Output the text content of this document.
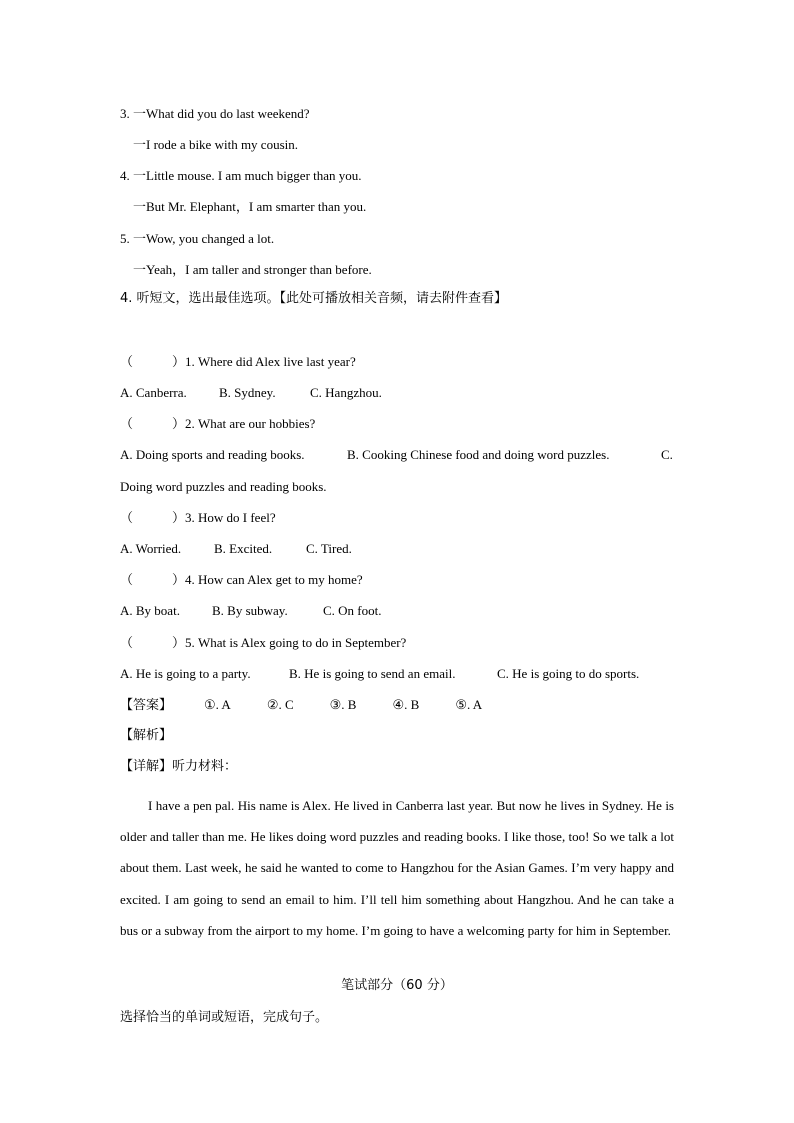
3. 一What did you do last weekend?
一I rode a bike with my cousin.
4. 一Little mouse. I am much bigger than you.
一But Mr. Elephant，I am smarter than you.
5. 一Wow, you changed a lot.
一Yeah，I am taller and stronger than before.
4. 听短文，选出最佳选项。【此处可播放相关音频，请去附件查看】
（　　　）1. Where did Alex live last year?
A. Canberra. B. Sydney.	C. Hangzhou.
（　　　）2. What are our hobbies?
A. Doing sports and reading books.	B. Cooking Chinese food and doing word puzzles.	C.
Doing word puzzles and reading books.
（　　　）3. How do I feel?
A. Worried.	B. Excited.	C. Tired.
（　　　）4. How can Alex get to my home?
A. By boat. B. By subway.	C. On foot.
（　　　）5. What is Alex going to do in September?
A. He is going to a party.	B. He is going to send an email.	C. He is going to do sports.
【答案】 ①. A	②. C	③. B	④. B	⑤. A
【解析】
【详解】听力材料：

I have a pen pal. His name is Alex. He lived in Canberra last year. But now he lives in Sydney. He is older and taller than me. He likes doing word puzzles and reading books. I like those, too! So we talk a lot about them. Last week, he said he wanted to come to Hangzhou for the Asian Games. I’m very happy and excited. I am going to send an email to him. I’ll tell him something about Hangzhou. And he can take a bus or a subway from the airport to my home. I’m going to have a welcoming party for him in September.

笔试部分（60 分）
选择恰当的单词或短语，完成句子。
